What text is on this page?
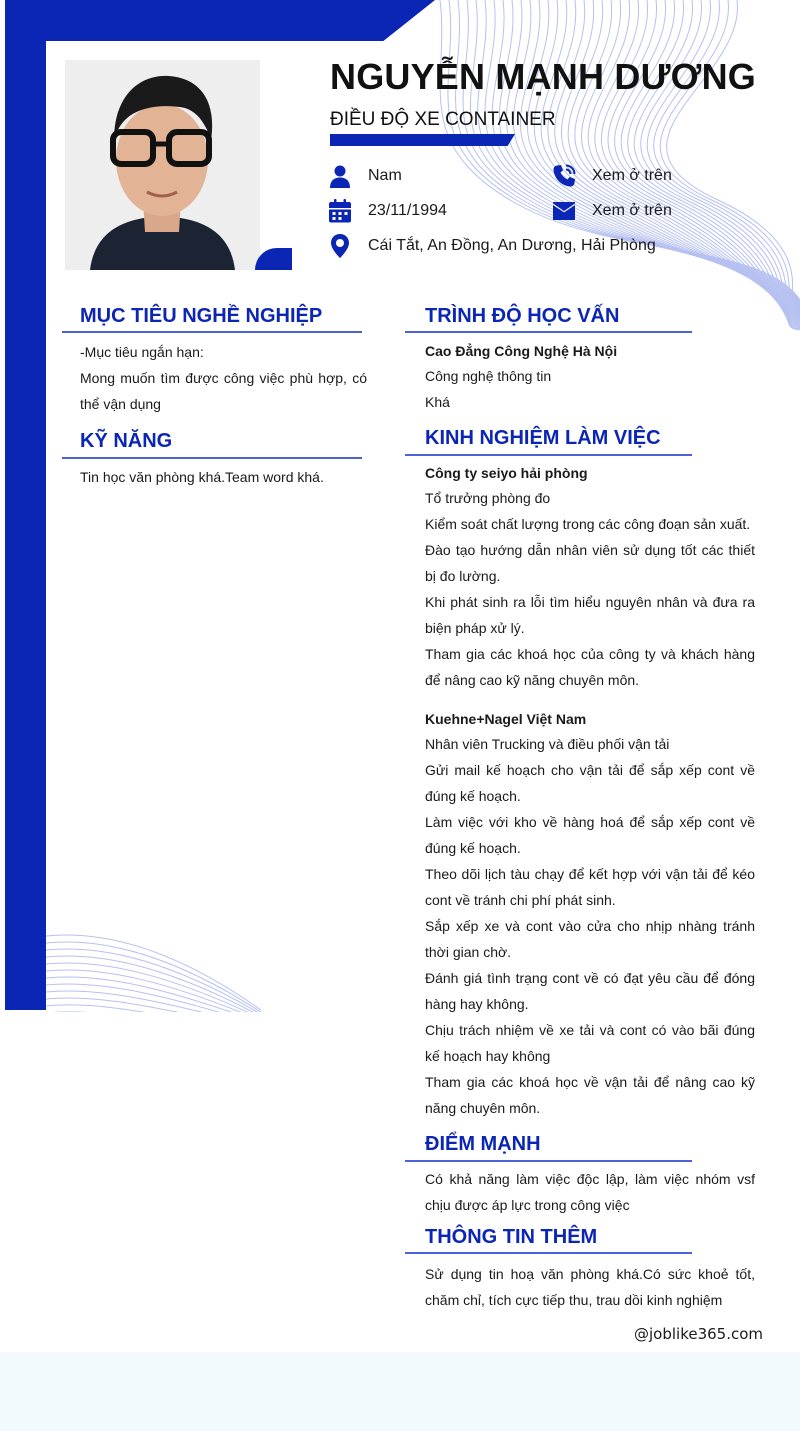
NGUYỄN MẠNH DƯƠNG
ĐIỀU ĐỘ XE CONTAINER
Nam
23/11/1994
Cái Tắt, An Đồng, An Dương, Hải Phòng
Xem ở trên
Xem ở trên
MỤC TIÊU NGHỀ NGHIỆP
-Mục tiêu ngắn hạn:
Mong muốn tìm được công việc phù hợp, có thể vận dụng
KỸ NĂNG
Tin học văn phòng khá.Team word khá.
TRÌNH ĐỘ HỌC VẤN
Cao Đẳng Công Nghệ Hà Nội
Công nghệ thông tin
Khá
KINH NGHIỆM LÀM VIỆC
Công ty seiyo hải phòng
Tổ trưởng phòng đo
Kiểm soát chất lượng trong các công đoạn sản xuất.
Đào tạo hướng dẫn nhân viên sử dụng tốt các thiết bị đo lường.
Khi phát sinh ra lỗi tìm hiểu nguyên nhân và đưa ra biện pháp xử lý.
Tham gia các khoá học của công ty và khách hàng để nâng cao kỹ năng chuyên môn.
Kuehne+Nagel Việt Nam
Nhân viên Trucking và điều phối vận tải
Gửi mail kế hoạch cho vận tải để sắp xếp cont về đúng kế hoạch.
Làm việc với kho về hàng hoá để sắp xếp cont về đúng kế hoạch.
Theo dõi lịch tàu chạy để kết hợp với vận tải để kéo cont về tránh chi phí phát sinh.
Sắp xếp xe và cont vào cửa cho nhịp nhàng tránh thời gian chờ.
Đánh giá tình trạng cont về có đạt yêu cầu để đóng hàng hay không.
Chịu trách nhiệm về xe tải và cont có vào bãi đúng kế hoạch hay không
Tham gia các khoá học về vận tải để nâng cao kỹ năng chuyên môn.
ĐIỂM MẠNH
Có khả năng làm việc độc lập, làm việc nhóm vsf chịu được áp lực trong công việc
THÔNG TIN THÊM
Sử dụng tin hoạ văn phòng khá.Có sức khoẻ tốt, chăm chỉ, tích cực tiếp thu, trau dồi kinh nghiệm
@joblike365.com
